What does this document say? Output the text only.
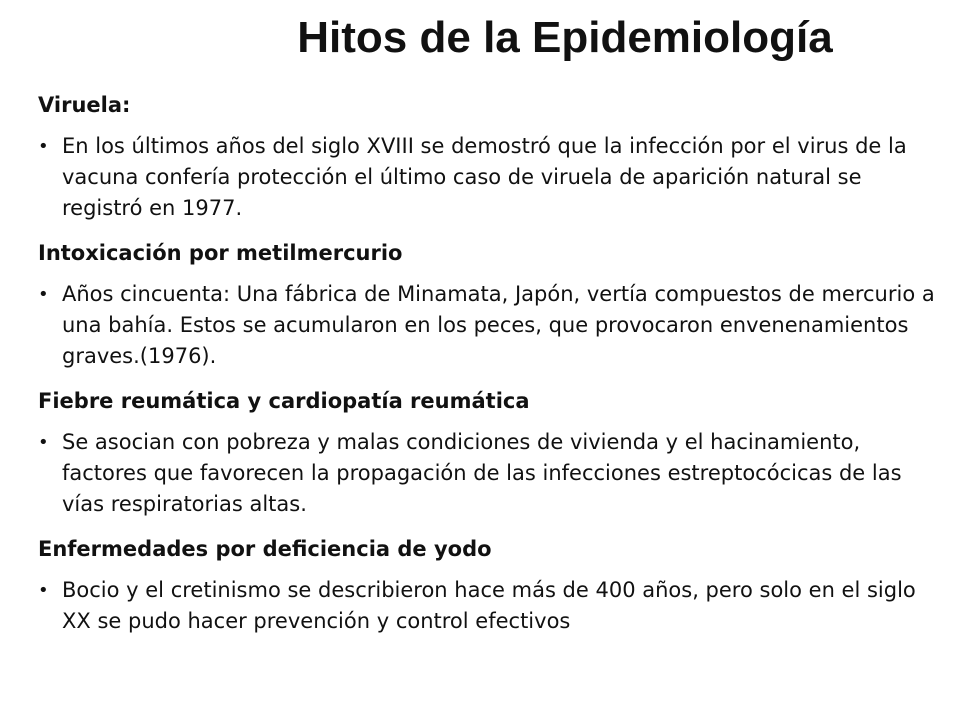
Hitos de la Epidemiología
Viruela:
• En los últimos años del siglo XVIII se demostró que la infección por el virus de la vacuna confería protección el último caso de viruela de aparición natural se registró en 1977.
Intoxicación por metilmercurio
• Años cincuenta: Una fábrica de Minamata, Japón, vertía compuestos de mercurio a una bahía. Estos se acumularon en los peces, que provocaron envenenamientos graves.(1976).
Fiebre reumática y cardiopatía reumática
• Se asocian con pobreza y malas condiciones de vivienda y el hacinamiento, factores que favorecen la propagación de las infecciones estreptocócicas de las vías respiratorias altas.
Enfermedades por deficiencia de yodo
• Bocio y el cretinismo se describieron hace más de 400 años, pero solo en el siglo XX se pudo hacer prevención y control efectivos
